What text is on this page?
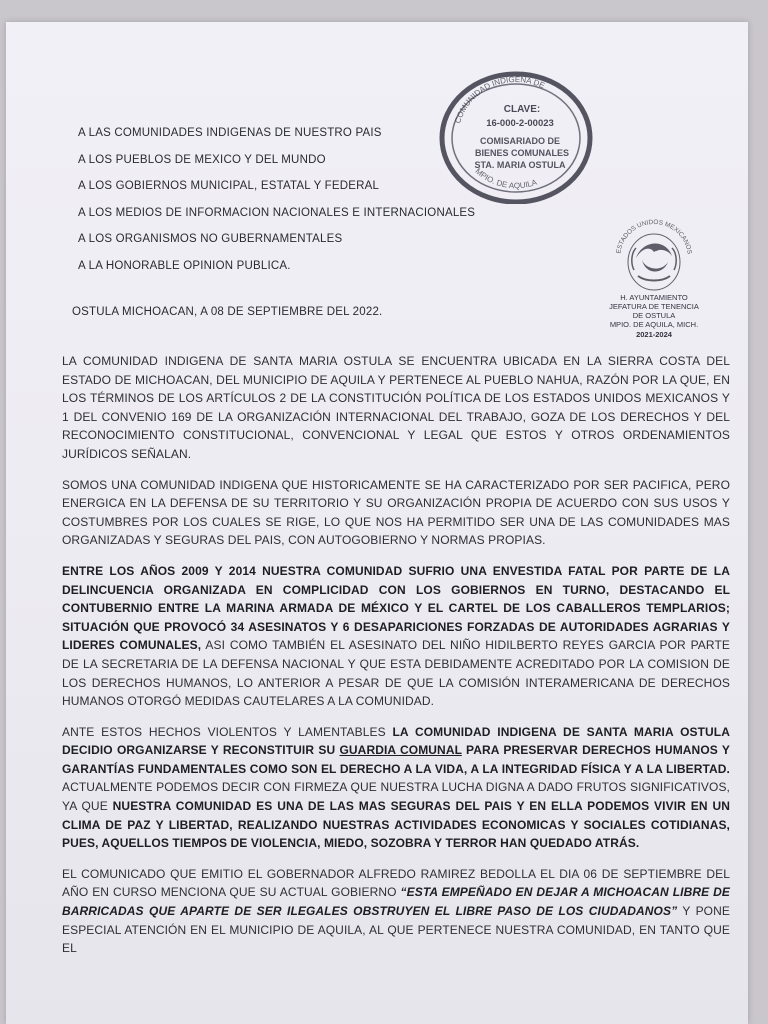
A LAS COMUNIDADES INDIGENAS DE NUESTRO PAIS
A LOS PUEBLOS DE MEXICO Y DEL MUNDO
A LOS GOBIERNOS MUNICIPAL, ESTATAL Y FEDERAL
A LOS MEDIOS DE INFORMACION NACIONALES E INTERNACIONALES
A LOS ORGANISMOS NO GUBERNAMENTALES
A LA HONORABLE OPINION PUBLICA.
COMUNIDAD INDIGENA DE
MPIO. DE AQUILA
CLAVE:
16-000-2-00023
COMISARIADO DE
BIENES COMUNALES
STA. MARIA OSTULA
ESTADOS UNIDOS MEXICANOS
H. AYUNTAMIENTO
JEFATURA DE TENENCIA
DE OSTULA
MPIO. DE AQUILA, MICH.
2021-2024
OSTULA MICHOACAN, A 08 DE SEPTIEMBRE DEL 2022.

LA COMUNIDAD INDIGENA DE SANTA MARIA OSTULA SE ENCUENTRA UBICADA EN LA SIERRA COSTA DEL ESTADO DE MICHOACAN, DEL MUNICIPIO DE AQUILA Y PERTENECE AL PUEBLO NAHUA, RAZÓN POR LA QUE, EN LOS TÉRMINOS DE LOS ARTÍCULOS 2 DE LA CONSTITUCIÓN POLÍTICA DE LOS ESTADOS UNIDOS MEXICANOS Y 1 DEL CONVENIO 169 DE LA ORGANIZACIÓN INTERNACIONAL DEL TRABAJO, GOZA DE LOS DERECHOS Y DEL RECONOCIMIENTO CONSTITUCIONAL, CONVENCIONAL Y LEGAL QUE ESTOS Y OTROS ORDENAMIENTOS JURÍDICOS SEÑALAN.

SOMOS UNA COMUNIDAD INDIGENA QUE HISTORICAMENTE SE HA CARACTERIZADO POR SER PACIFICA, PERO ENERGICA EN LA DEFENSA DE SU TERRITORIO Y SU ORGANIZACIÓN PROPIA DE ACUERDO CON SUS USOS Y COSTUMBRES POR LOS CUALES SE RIGE, LO QUE NOS HA PERMITIDO SER UNA DE LAS COMUNIDADES MAS ORGANIZADAS Y SEGURAS DEL PAIS, CON AUTOGOBIERNO Y NORMAS PROPIAS.

ENTRE LOS AÑOS 2009 Y 2014 NUESTRA COMUNIDAD SUFRIO UNA ENVESTIDA FATAL POR PARTE DE LA DELINCUENCIA ORGANIZADA EN COMPLICIDAD CON LOS GOBIERNOS EN TURNO, DESTACANDO EL CONTUBERNIO ENTRE LA MARINA ARMADA DE MÉXICO Y EL CARTEL DE LOS CABALLEROS TEMPLARIOS; SITUACIÓN QUE PROVOCÓ 34 ASESINATOS Y 6 DESAPARICIONES FORZADAS DE AUTORIDADES AGRARIAS Y LIDERES COMUNALES, ASI COMO TAMBIÉN EL ASESINATO DEL NIÑO HIDILBERTO REYES GARCIA POR PARTE DE LA SECRETARIA DE LA DEFENSA NACIONAL Y QUE ESTA DEBIDAMENTE ACREDITADO POR LA COMISION DE LOS DERECHOS HUMANOS, LO ANTERIOR A PESAR DE QUE LA COMISIÓN INTERAMERICANA DE DERECHOS HUMANOS OTORGÓ MEDIDAS CAUTELARES A LA COMUNIDAD.

ANTE ESTOS HECHOS VIOLENTOS Y LAMENTABLES LA COMUNIDAD INDIGENA DE SANTA MARIA OSTULA DECIDIO ORGANIZARSE Y RECONSTITUIR SU GUARDIA COMUNAL PARA PRESERVAR DERECHOS HUMANOS Y GARANTÍAS FUNDAMENTALES COMO SON EL DERECHO A LA VIDA, A LA INTEGRIDAD FÍSICA Y A LA LIBERTAD. ACTUALMENTE PODEMOS DECIR CON FIRMEZA QUE NUESTRA LUCHA DIGNA A DADO FRUTOS SIGNIFICATIVOS, YA QUE NUESTRA COMUNIDAD ES UNA DE LAS MAS SEGURAS DEL PAIS Y EN ELLA PODEMOS VIVIR EN UN CLIMA DE PAZ Y LIBERTAD, REALIZANDO NUESTRAS ACTIVIDADES ECONOMICAS Y SOCIALES COTIDIANAS, PUES, AQUELLOS TIEMPOS DE VIOLENCIA, MIEDO, SOZOBRA Y TERROR HAN QUEDADO ATRÁS.

EL COMUNICADO QUE EMITIO EL GOBERNADOR ALFREDO RAMIREZ BEDOLLA EL DIA 06 DE SEPTIEMBRE DEL AÑO EN CURSO MENCIONA QUE SU ACTUAL GOBIERNO “ESTA EMPEÑADO EN DEJAR A MICHOACAN LIBRE DE BARRICADAS QUE APARTE DE SER ILEGALES OBSTRUYEN EL LIBRE PASO DE LOS CIUDADANOS” Y PONE ESPECIAL ATENCIÓN EN EL MUNICIPIO DE AQUILA, AL QUE PERTENECE NUESTRA COMUNIDAD, EN TANTO QUE EL
